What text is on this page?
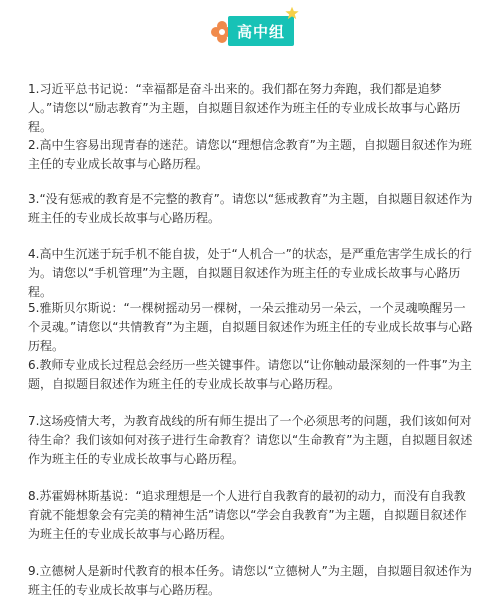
高中组
1.习近平总书记说：“幸福都是奋斗出来的。我们都在努力奔跑，我们都是追梦人。”请您以“励志教育”为主题，自拟题目叙述作为班主任的专业成长故事与心路历程。
2.高中生容易出现青春的迷茫。请您以“理想信念教育”为主题，自拟题目叙述作为班主任的专业成长故事与心路历程。
3.“没有惩戒的教育是不完整的教育”。请您以“惩戒教育”为主题，自拟题目叙述作为班主任的专业成长故事与心路历程。
4.高中生沉迷于玩手机不能自拔，处于“人机合一”的状态，是严重危害学生成长的行为。请您以“手机管理”为主题，自拟题目叙述作为班主任的专业成长故事与心路历程。
5.雅斯贝尔斯说：“一棵树摇动另一棵树，一朵云推动另一朵云，一个灵魂唤醒另一个灵魂。”请您以“共情教育”为主题，自拟题目叙述作为班主任的专业成长故事与心路历程。
6.教师专业成长过程总会经历一些关键事件。请您以“让你触动最深刻的一件事”为主题，自拟题目叙述作为班主任的专业成长故事与心路历程。
7.这场疫情大考，为教育战线的所有师生提出了一个必须思考的问题，我们该如何对待生命？我们该如何对孩子进行生命教育？请您以“生命教育”为主题，自拟题目叙述作为班主任的专业成长故事与心路历程。
8.苏霍姆林斯基说：“追求理想是一个人进行自我教育的最初的动力，而没有自我教育就不能想象会有完美的精神生活”请您以“学会自我教育”为主题，自拟题目叙述作为班主任的专业成长故事与心路历程。
9.立德树人是新时代教育的根本任务。请您以“立德树人”为主题，自拟题目叙述作为班主任的专业成长故事与心路历程。
